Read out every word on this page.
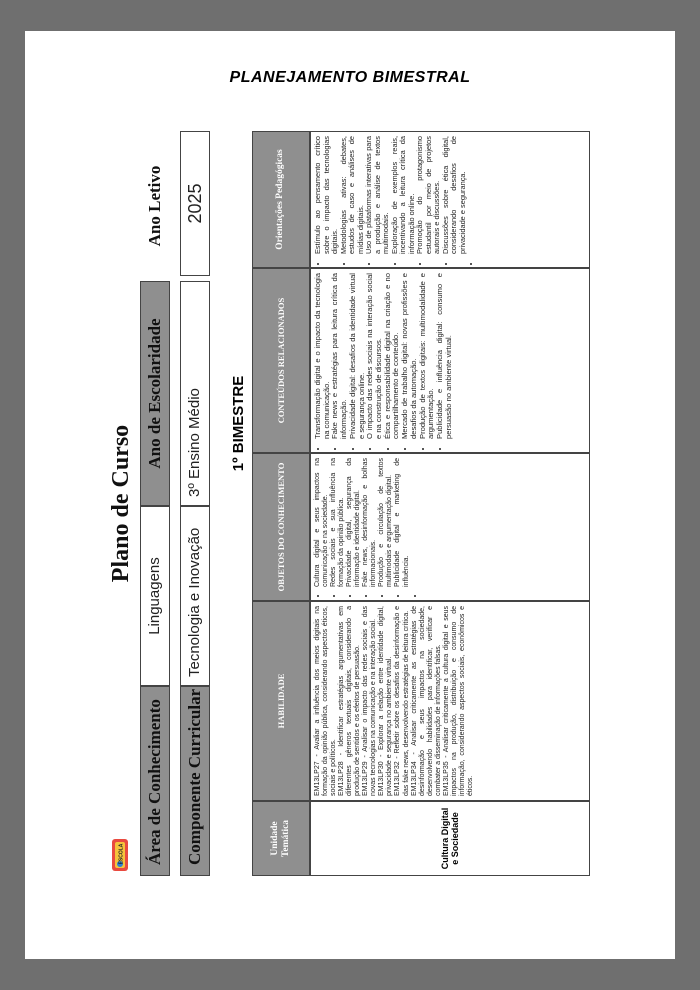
PLANEJAMENTO BIMESTRAL
ESCOLA
Plano de Curso
Área de Conhecimento
Linguagens
Ano de Escolaridade
Ano Letivo
Componente Curricular
Tecnologia e Inovação
3º Ensino Médio
2025
1º BIMESTRE
Unidade Temática
HABILIDADE
OBJETOS DO CONHECIMENTO
CONTEÚDOS RELACIONADOS
Orientações Pedagógicas
Cultura Digital e Sociedade

EM13LP27 - Avaliar a influência dos meios digitais na formação da opinião pública, considerando aspectos éticos, sociais e políticos. EM13LP28 - Identificar estratégias argumentativas em diferentes gêneros textuais digitais, considerando a produção de sentidos e os efeitos de persuasão. EM13LP29 - Analisar o impacto das redes sociais e das novas tecnologias na comunicação e na interação social. EM13LP30 - Explorar a relação entre identidade digital, privacidade e segurança no ambiente virtual. EM13LP32 - Refletir sobre os desafios da desinformação e das fake news, desenvolvendo estratégias de leitura crítica. EM13LP34 - Analisar criticamente as estratégias de desinformação e seus impactos na sociedade, desenvolvendo habilidades para identificar, verificar e combater a disseminação de informações falsas. EM13LP35 - Analisar criticamente a cultura digital e seus impactos na produção, distribuição e consumo de informação, considerando aspectos sociais, econômicos e éticos.

• Cultura digital e seus impactos na comunicação e na sociedade. • Redes sociais e sua influência na formação da opinião pública. • Privacidade digital, segurança da informação e identidade digital. • Fake news, desinformação e bolhas informacionais. • Produção e circulação de textos multimodais e argumentação digital. • Publicidade digital e marketing de influência.
•
• Transformação digital e o impacto da tecnologia na comunicação. • Fake news e estratégias para leitura crítica da informação. • Privacidade digital: desafios da identidade virtual e segurança online. • O impacto das redes sociais na interação social e na construção de discursos. • Ética e responsabilidade digital na criação e no compartilhamento de conteúdo. • Mercado de trabalho digital: novas profissões e desafios da automação. • Produção de textos digitais: multimodalidade e argumentação. • Publicidade e influência digital: consumo e persuasão no ambiente virtual.
• Estímulo ao pensamento crítico sobre o impacto das tecnologias digitais. • Metodologias ativas: debates, estudos de caso e análises de mídias digitais. • Uso de plataformas interativas para a produção e análise de textos multimodais. • Exploração de exemplos reais, incentivando a leitura crítica da informação online. • Promoção do protagonismo estudantil por meio de projetos autorais e discussões. • Discussões sobre ética digital, considerando desafios de privacidade e segurança.
•
